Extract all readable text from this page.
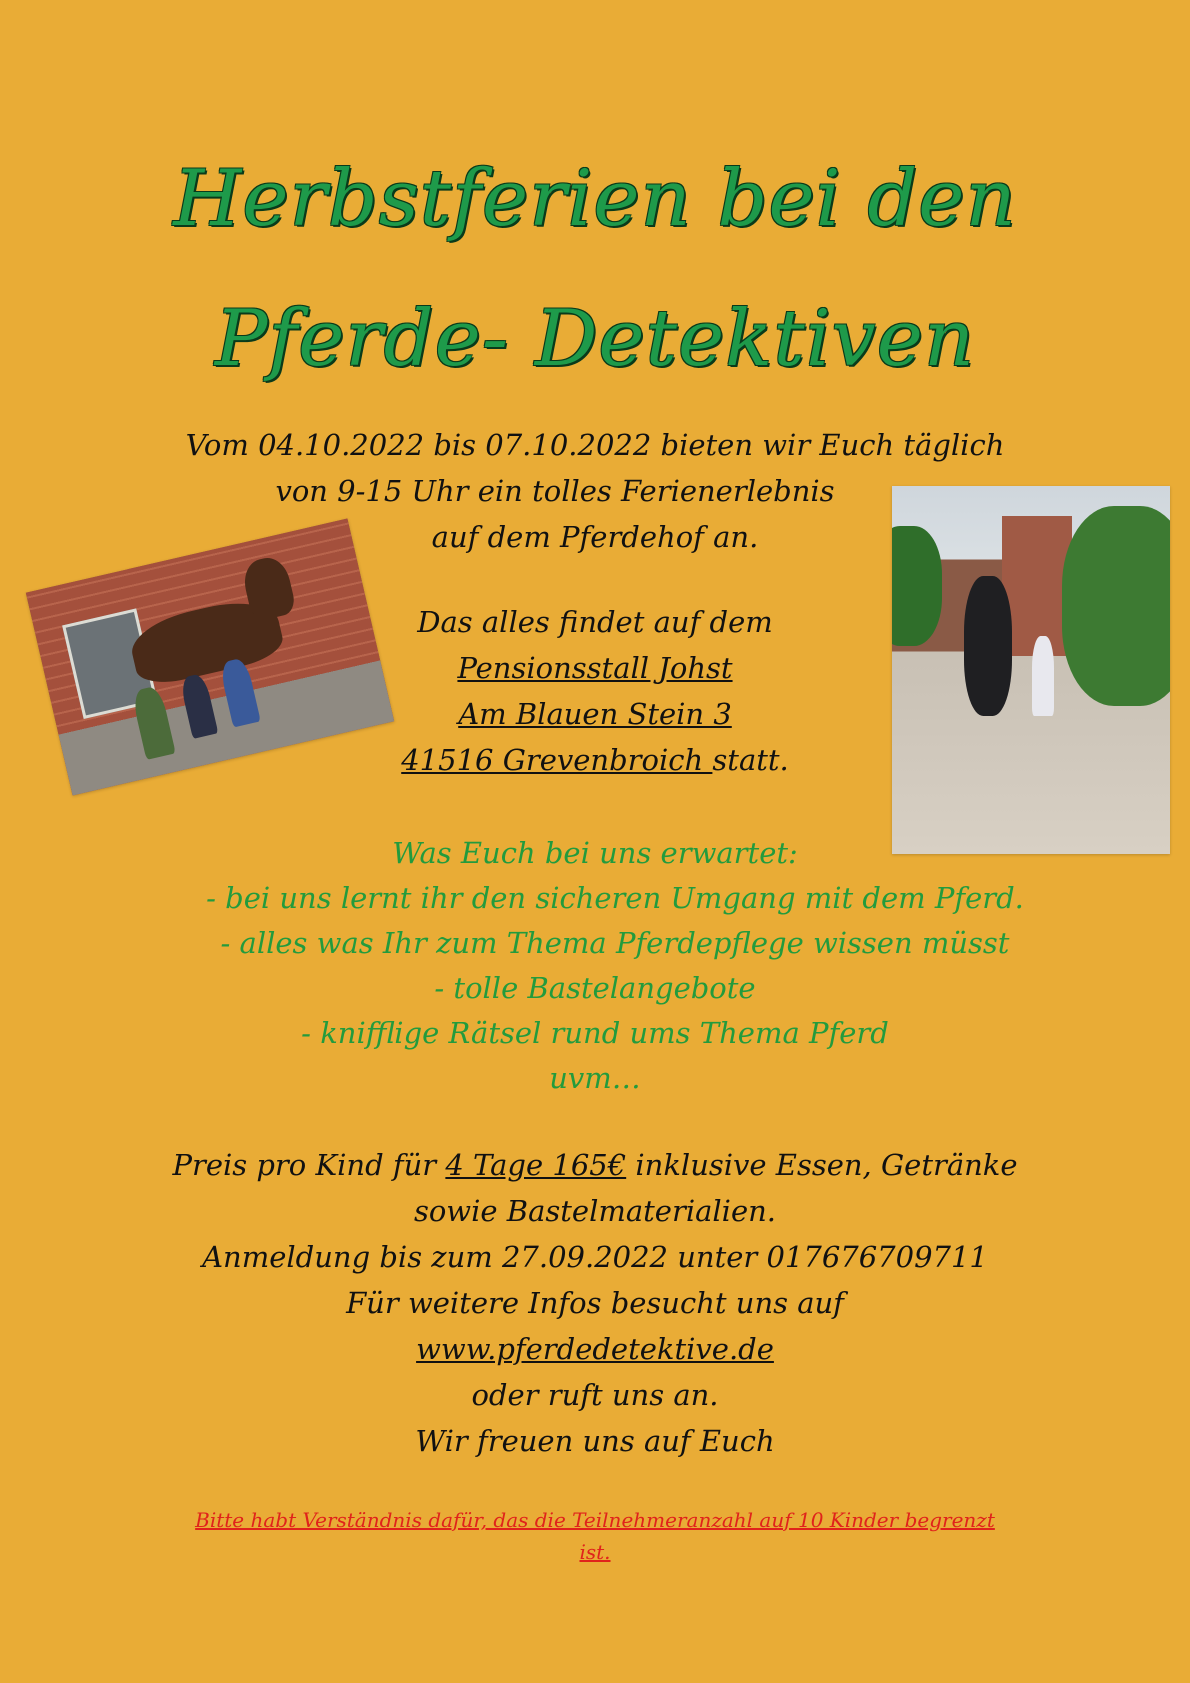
Herbstferien bei den
Pferde- Detektiven
Vom 04.10.2022 bis 07.10.2022 bieten wir Euch täglich
von 9-15 Uhr ein tolles Ferienerlebnis
auf dem Pferdehof an.
Das alles findet auf dem
Pensionsstall Johst
Am Blauen Stein 3
41516 Grevenbroich statt.
Was Euch bei uns erwartet:
- bei uns lernt ihr den sicheren Umgang mit dem Pferd.
- alles was Ihr zum Thema Pferdepflege wissen müsst
- tolle Bastelangebote
- knifflige Rätsel rund ums Thema Pferd
uvm…
Preis pro Kind für 4 Tage 165€ inklusive Essen, Getränke
sowie Bastelmaterialien.
Anmeldung bis zum 27.09.2022 unter 017676709711
Für weitere Infos besucht uns auf
www.pferdedetektive.de
oder ruft uns an.
Wir freuen uns auf Euch
Bitte habt Verständnis dafür, das die Teilnehmeranzahl auf 10 Kinder begrenzt
ist.
